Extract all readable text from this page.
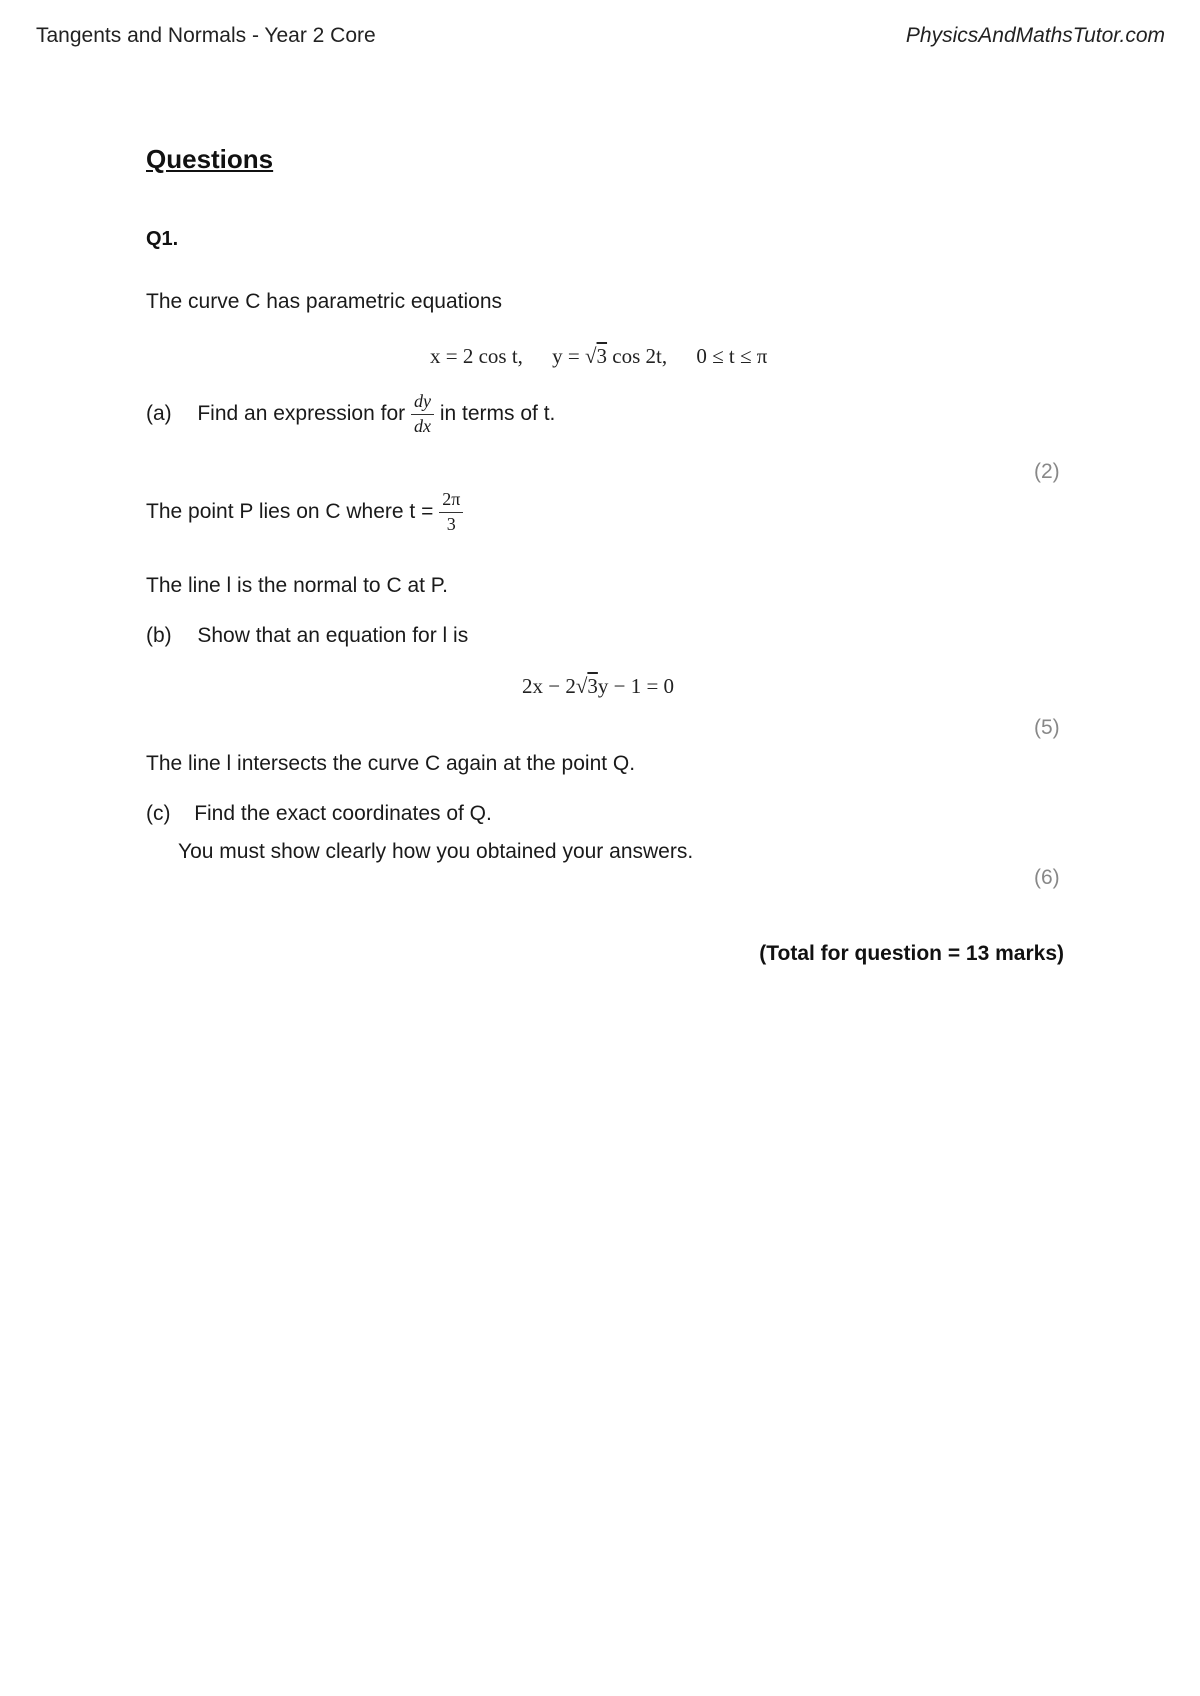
Tangents and Normals - Year 2 Core	PhysicsAndMathsTutor.com
Questions
Q1.
The curve C has parametric equations
x = 2 cos t, y = √3 cos 2t, 0 ≤ t ≤ π
(a) Find an expression for $\frac{dy}{dx}$ in terms of t.
(2)
The point P lies on C where $t = \frac{2\pi}{3}$
The line l is the normal to C at P.
(b) Show that an equation for l is
2x − 2√3y − 1 = 0
(5)
The line l intersects the curve C again at the point Q.
(c) Find the exact coordinates of Q.
You must show clearly how you obtained your answers.
(6)
(Total for question = 13 marks)
